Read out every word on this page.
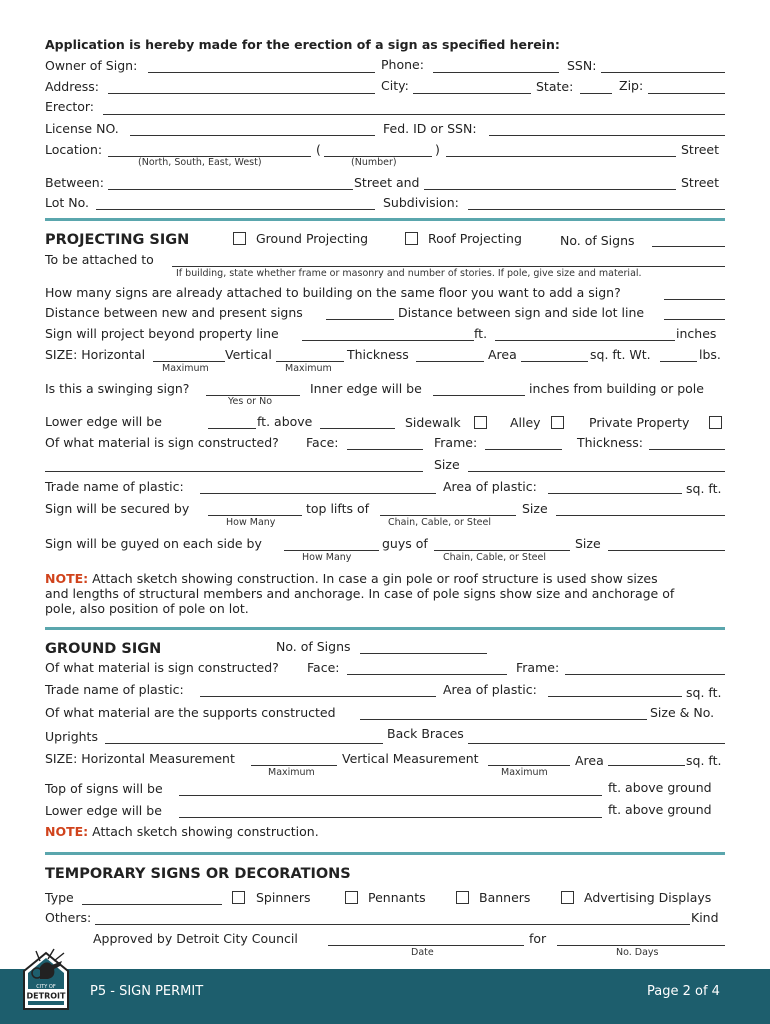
Application is hereby made for the erection of a sign as specified herein:
Owner of Sign:	Phone:	SSN:
Address:	City:	State:	Zip:
Erector:
License NO.	Fed. ID or SSN:
Location:	(	)	Street
(North, South, East, West)	(Number)
Between:	Street and	Street
Lot No.	Subdivision:
PROJECTING SIGN	Ground Projecting	Roof Projecting	No. of Signs
To be attached to
If building, state whether frame or masonry and number of stories. If pole, give size and material.
How many signs are already attached to building on the same floor you want to add a sign?
Distance between new and present signs	Distance between sign and side lot line
Sign will project beyond property line	ft.	inches
SIZE: Horizontal	Vertical	Thickness	Area	sq. ft. Wt.	lbs.
Maximum	Maximum
Is this a swinging sign?
Yes or No
Inner edge will be	inches from building or pole
Lower edge will be	ft. above	Sidewalk	Alley	Private Property
Of what material is sign constructed? Face:	Frame:	Thickness:
Size
Trade name of plastic:	Area of plastic:	sq. ft.
Sign will be secured by	top lifts of	Size
How Many	Chain, Cable, or Steel
Sign will be guyed on each side by	guys of	Size
How Many	Chain, Cable, or Steel
NOTE: Attach sketch showing construction. In case a gin pole or roof structure is used show sizes
and lengths of structural members and anchorage. In case of pole signs show size and anchorage of
pole, also position of pole on lot.
GROUND SIGN	No. of Signs
Of what material is sign constructed? Face:	Frame:
Trade name of plastic:	Area of plastic:	sq. ft.
Of what material are the supports constructed	Size & No.
Uprights	Back Braces
SIZE: Horizontal Measurement	Vertical Measurement	Area	sq. ft.
Maximum	Maximum
Top of signs will be	ft. above ground
Lower edge will be	ft. above ground
NOTE: Attach sketch showing construction.
TEMPORARY SIGNS OR DECORATIONS
Type	Spinners	Pennants	Banners	Advertising Displays
Others:	Kind
Approved by Detroit City Council	for
Date	No. Days
P5 - SIGN PERMIT	Page 2 of 4
CITY OF
DETROIT
